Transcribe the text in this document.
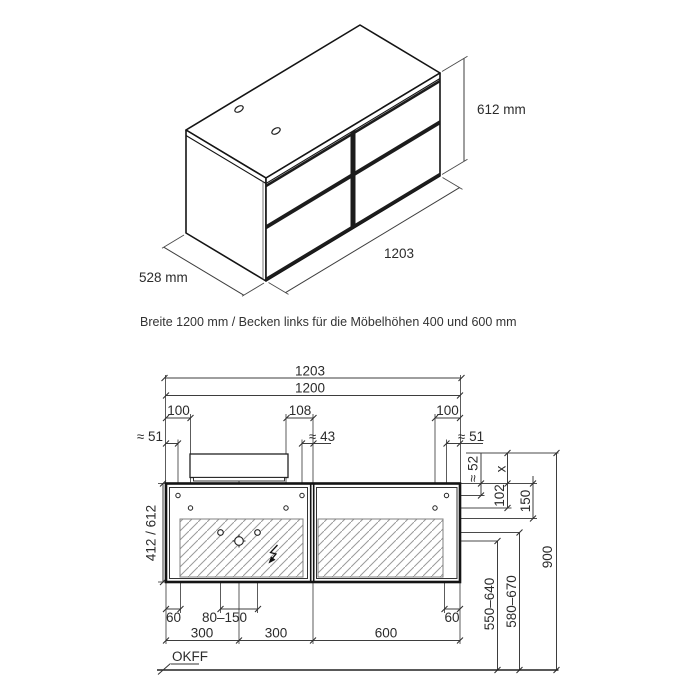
612 mm
1203
528 mm
Breite 1200 mm / Becken links für die Möbelhöhen 400 und 600 mm
OKFF
1203
1200
100	108	100
≈ 51	≈ 43	≈ 51
412 / 612
≈ 52 x
102 150
60 80–150	60
300	300	600
550–640 580–670
900
